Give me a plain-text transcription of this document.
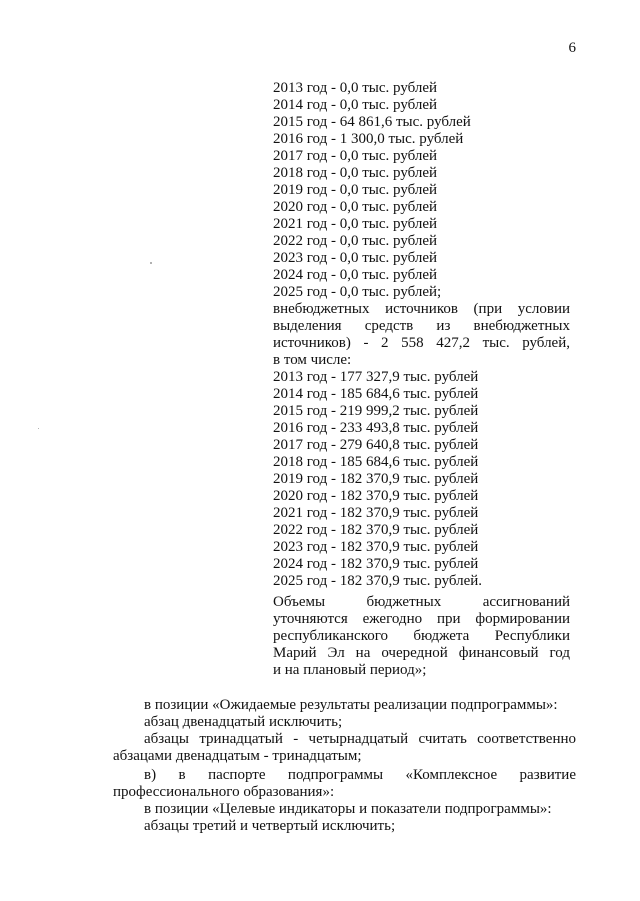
6
2013 год - 0,0 тыс. рублей
2014 год - 0,0 тыс. рублей
2015 год - 64 861,6 тыс. рублей
2016 год - 1 300,0 тыс. рублей
2017 год - 0,0 тыс. рублей
2018 год - 0,0 тыс. рублей
2019 год - 0,0 тыс. рублей
2020 год - 0,0 тыс. рублей
2021 год - 0,0 тыс. рублей
2022 год - 0,0 тыс. рублей
2023 год - 0,0 тыс. рублей
2024 год - 0,0 тыс. рублей
2025 год - 0,0 тыс. рублей;
внебюджетных источников (при условии
выделения средств из внебюджетных
источников) - 2 558 427,2 тыс. рублей,
в том числе:
2013 год - 177 327,9 тыс. рублей
2014 год - 185 684,6 тыс. рублей
2015 год - 219 999,2 тыс. рублей
2016 год - 233 493,8 тыс. рублей
2017 год - 279 640,8 тыс. рублей
2018 год - 185 684,6 тыс. рублей
2019 год - 182 370,9 тыс. рублей
2020 год - 182 370,9 тыс. рублей
2021 год - 182 370,9 тыс. рублей
2022 год - 182 370,9 тыс. рублей
2023 год - 182 370,9 тыс. рублей
2024 год - 182 370,9 тыс. рублей
2025 год - 182 370,9 тыс. рублей.
Объемы бюджетных ассигнований
уточняются ежегодно при формировании
республиканского бюджета Республики
Марий Эл на очередной финансовый год
и на плановый период»;
в позиции «Ожидаемые результаты реализации подпрограммы»:
абзац двенадцатый исключить;
абзацы тринадцатый - четырнадцатый считать соответственно
абзацами двенадцатым - тринадцатым;
в) в паспорте подпрограммы «Комплексное развитие
профессионального образования»:
в позиции «Целевые индикаторы и показатели подпрограммы»:
абзацы третий и четвертый исключить;
